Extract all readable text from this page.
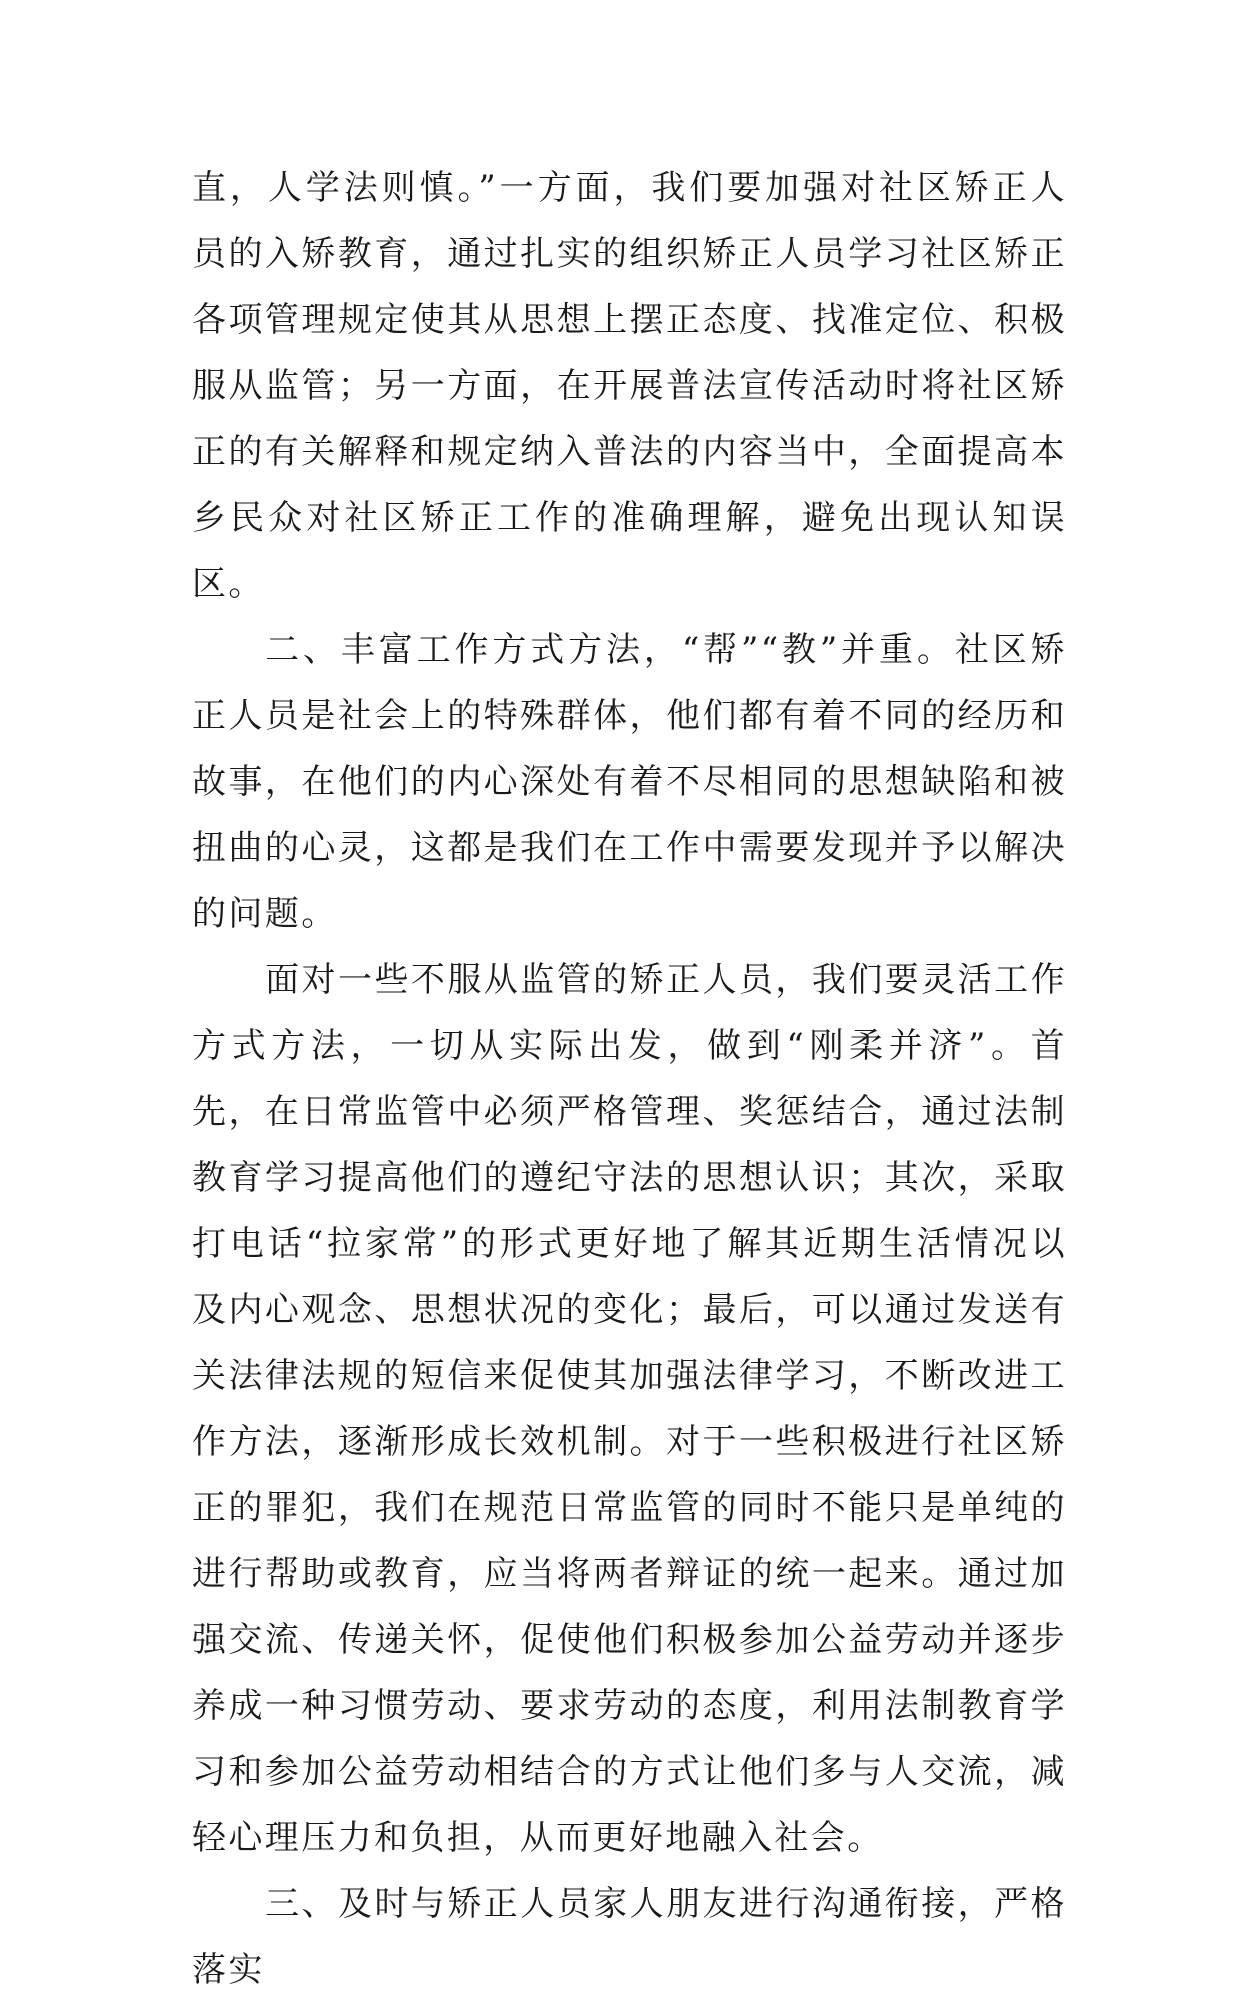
直，人学法则慎。”一方面，我们要加强对社区矫正人员的入矫教育，通过扎实的组织矫正人员学习社区矫正各项管理规定使其从思想上摆正态度、找准定位、积极服从监管；另一方面，在开展普法宣传活动时将社区矫正的有关解释和规定纳入普法的内容当中，全面提高本乡民众对社区矫正工作的准确理解，避免出现认知误区。

二、丰富工作方式方法，“帮”“教”并重。社区矫正人员是社会上的特殊群体，他们都有着不同的经历和故事，在他们的内心深处有着不尽相同的思想缺陷和被扭曲的心灵，这都是我们在工作中需要发现并予以解决的问题。

面对一些不服从监管的矫正人员，我们要灵活工作方式方法，一切从实际出发，做到“刚柔并济”。首先，在日常监管中必须严格管理、奖惩结合，通过法制教育学习提高他们的遵纪守法的思想认识；其次，采取打电话“拉家常”的形式更好地了解其近期生活情况以及内心观念、思想状况的变化；最后，可以通过发送有关法律法规的短信来促使其加强法律学习，不断改进工作方法，逐渐形成长效机制。对于一些积极进行社区矫正的罪犯，我们在规范日常监管的同时不能只是单纯的进行帮助或教育，应当将两者辩证的统一起来。通过加强交流、传递关怀，促使他们积极参加公益劳动并逐步养成一种习惯劳动、要求劳动的态度，利用法制教育学习和参加公益劳动相结合的方式让他们多与人交流，减轻心理压力和负担，从而更好地融入社会。

三、及时与矫正人员家人朋友进行沟通衔接，严格落实
